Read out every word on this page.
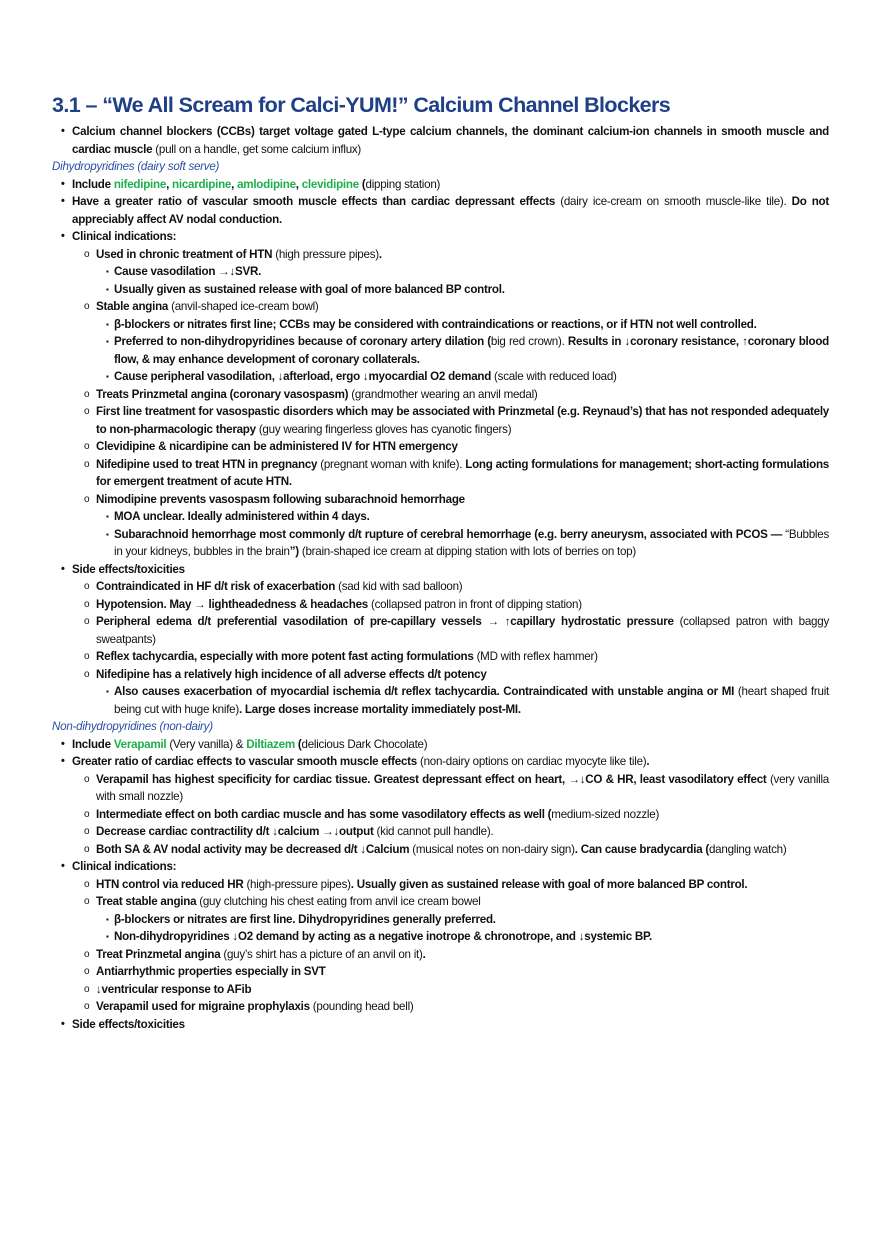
3.1 – “We All Scream for Calci-YUM!” Calcium Channel Blockers
• Calcium channel blockers (CCBs) target voltage gated L-type calcium channels, the dominant calcium-ion channels in smooth muscle and cardiac muscle (pull on a handle, get some calcium influx)
Dihydropyridines (dairy soft serve)
• Include nifedipine, nicardipine, amlodipine, clevidipine (dipping station)
• Have a greater ratio of vascular smooth muscle effects than cardiac depressant effects (dairy ice-cream on smooth muscle-like tile). Do not appreciably affect AV nodal conduction.
• Clinical indications:
o Used in chronic treatment of HTN (high pressure pipes).
▪ Cause vasodilation →↓SVR.
▪ Usually given as sustained release with goal of more balanced BP control.
o Stable angina (anvil-shaped ice-cream bowl)
▪ β-blockers or nitrates first line; CCBs may be considered with contraindications or reactions, or if HTN not well controlled.
▪ Preferred to non-dihydropyridines because of coronary artery dilation (big red crown). Results in ↓coronary resistance, ↑coronary blood flow, & may enhance development of coronary collaterals.
▪ Cause peripheral vasodilation, ↓afterload, ergo ↓myocardial O2 demand (scale with reduced load)
o Treats Prinzmetal angina (coronary vasospasm) (grandmother wearing an anvil medal)
o First line treatment for vasospastic disorders which may be associated with Prinzmetal (e.g. Reynaud’s) that has not responded adequately to non-pharmacologic therapy (guy wearing fingerless gloves has cyanotic fingers)
o Clevidipine & nicardipine can be administered IV for HTN emergency
o Nifedipine used to treat HTN in pregnancy (pregnant woman with knife). Long acting formulations for management; short-acting formulations for emergent treatment of acute HTN.
o Nimodipine prevents vasospasm following subarachnoid hemorrhage
▪ MOA unclear. Ideally administered within 4 days.
▪ Subarachnoid hemorrhage most commonly d/t rupture of cerebral hemorrhage (e.g. berry aneurysm, associated with PCOS — “Bubbles in your kidneys, bubbles in the brain”) (brain-shaped ice cream at dipping station with lots of berries on top)
• Side effects/toxicities
o Contraindicated in HF d/t risk of exacerbation (sad kid with sad balloon)
o Hypotension. May → lightheadedness & headaches (collapsed patron in front of dipping station)
o Peripheral edema d/t preferential vasodilation of pre-capillary vessels → ↑capillary hydrostatic pressure (collapsed patron with baggy sweatpants)
o Reflex tachycardia, especially with more potent fast acting formulations (MD with reflex hammer)
o Nifedipine has a relatively high incidence of all adverse effects d/t potency
▪ Also causes exacerbation of myocardial ischemia d/t reflex tachycardia. Contraindicated with unstable angina or MI (heart shaped fruit being cut with huge knife). Large doses increase mortality immediately post-MI.
Non-dihydropyridines (non-dairy)
• Include Verapamil (Very vanilla) & Diltiazem (delicious Dark Chocolate)
• Greater ratio of cardiac effects to vascular smooth muscle effects (non-dairy options on cardiac myocyte like tile).
o Verapamil has highest specificity for cardiac tissue. Greatest depressant effect on heart, →↓CO & HR, least vasodilatory effect (very vanilla with small nozzle)
o Intermediate effect on both cardiac muscle and has some vasodilatory effects as well (medium-sized nozzle)
o Decrease cardiac contractility d/t ↓calcium →↓output (kid cannot pull handle).
o Both SA & AV nodal activity may be decreased d/t ↓Calcium (musical notes on non-dairy sign). Can cause bradycardia (dangling watch)
• Clinical indications:
o HTN control via reduced HR (high-pressure pipes). Usually given as sustained release with goal of more balanced BP control.
o Treat stable angina (guy clutching his chest eating from anvil ice cream bowel
▪ β-blockers or nitrates are first line. Dihydropyridines generally preferred.
▪ Non-dihydropyridines ↓O2 demand by acting as a negative inotrope & chronotrope, and ↓systemic BP.
o Treat Prinzmetal angina (guy’s shirt has a picture of an anvil on it).
o Antiarrhythmic properties especially in SVT
o ↓ventricular response to AFib
o Verapamil used for migraine prophylaxis (pounding head bell)
• Side effects/toxicities
